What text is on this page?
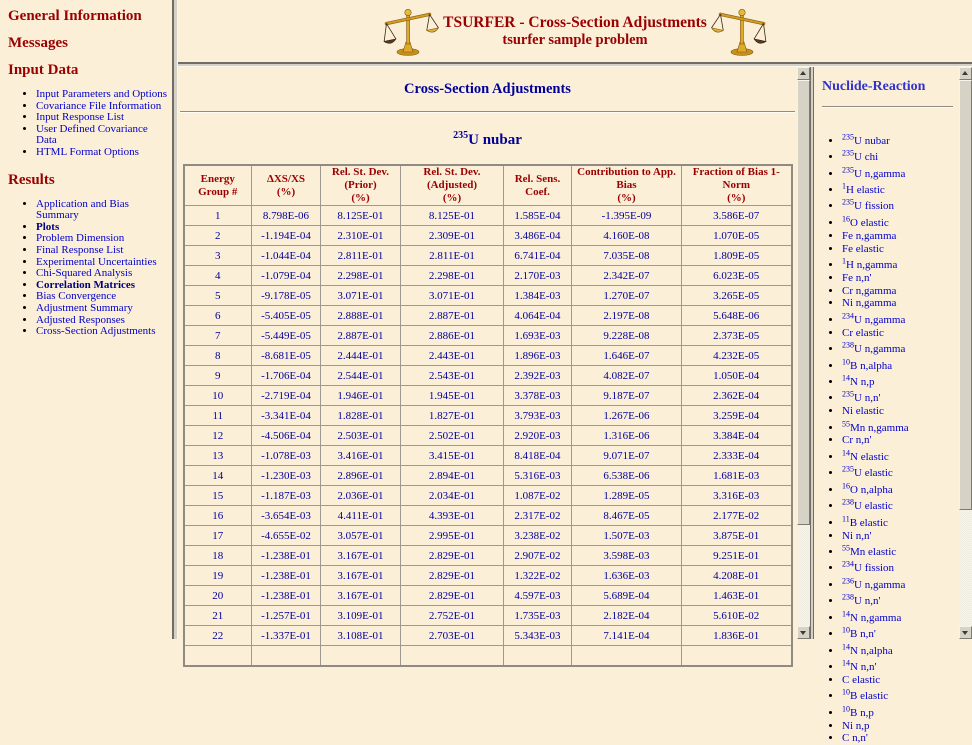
General Information
Messages
Input Data
• Input Parameters and Options
• Covariance File Information
• Input Response List
• User Defined Covariance Data
• HTML Format Options
Results
• Application and Bias Summary
• Plots
• Problem Dimension
• Final Response List
• Experimental Uncertainties
• Chi-Squared Analysis
• Correlation Matrices
• Bias Convergence
• Adjustment Summary
• Adjusted Responses
• Cross-Section Adjustments
TSURFER - Cross-Section Adjustments
tsurfer sample problem
Cross-Section Adjustments
$^{235}$U nubar
Energy
Group #

ΔXS/XS
(%)

Rel. St. Dev. (Prior)
(%)

Rel. St. Dev. (Adjusted)
(%)

Rel. Sens.
Coef.

Contribution to App. Bias
(%)

Fraction of Bias 1-Norm
(%)

1	8.798E-06	8.125E-01	8.125E-01	1.585E-04	-1.395E-09	3.586E-07
2	-1.194E-04	2.310E-01	2.309E-01	3.486E-04	4.160E-08	1.070E-05
3	-1.044E-04	2.811E-01	2.811E-01	6.741E-04	7.035E-08	1.809E-05
4	-1.079E-04	2.298E-01	2.298E-01	2.170E-03	2.342E-07	6.023E-05
5	-9.178E-05	3.071E-01	3.071E-01	1.384E-03	1.270E-07	3.265E-05
6	-5.405E-05	2.888E-01	2.887E-01	4.064E-04	2.197E-08	5.648E-06
7	-5.449E-05	2.887E-01	2.886E-01	1.693E-03	9.228E-08	2.373E-05
8	-8.681E-05	2.444E-01	2.443E-01	1.896E-03	1.646E-07	4.232E-05
9	-1.706E-04	2.544E-01	2.543E-01	2.392E-03	4.082E-07	1.050E-04
10	-2.719E-04	1.946E-01	1.945E-01	3.378E-03	9.187E-07	2.362E-04
11	-3.341E-04	1.828E-01	1.827E-01	3.793E-03	1.267E-06	3.259E-04
12	-4.506E-04	2.503E-01	2.502E-01	2.920E-03	1.316E-06	3.384E-04
13	-1.078E-03	3.416E-01	3.415E-01	8.418E-04	9.071E-07	2.333E-04
14	-1.230E-03	2.896E-01	2.894E-01	5.316E-03	6.538E-06	1.681E-03
15	-1.187E-03	2.036E-01	2.034E-01	1.087E-02	1.289E-05	3.316E-03
16	-3.654E-03	4.411E-01	4.393E-01	2.317E-02	8.467E-05	2.177E-02
17	-4.655E-02	3.057E-01	2.995E-01	3.238E-02	1.507E-03	3.875E-01
18	-1.238E-01	3.167E-01	2.829E-01	2.907E-02	3.598E-03	9.251E-01
19	-1.238E-01	3.167E-01	2.829E-01	1.322E-02	1.636E-03	4.208E-01
20	-1.238E-01	3.167E-01	2.829E-01	4.597E-03	5.689E-04	1.463E-01
21	-1.257E-01	3.109E-01	2.752E-01	1.735E-03	2.182E-04	5.610E-02
22	-1.337E-01	3.108E-01	2.703E-01	5.343E-03	7.141E-04	1.836E-01

Nuclide-Reaction
• $^{235}$U nubar
• $^{235}$U chi
• $^{235}$U n,gamma
• $^1$H elastic
• $^{235}$U fission
• $^{16}$O elastic
• Fe n,gamma
• Fe elastic
• $^1$H n,gamma
• Fe n,n'
• Cr n,gamma
• Ni n,gamma
• $^{234}$U n,gamma
• Cr elastic
• $^{238}$U n,gamma
• $^{10}$B n,alpha
• $^{14}$N n,p
• $^{235}$U n,n'
• Ni elastic
• $^{55}$Mn n,gamma
• Cr n,n'
• $^{14}$N elastic
• $^{235}$U elastic
• $^{16}$O n,alpha
• $^{238}$U elastic
• $^{11}$B elastic
• Ni n,n'
• $^{55}$Mn elastic
• $^{234}$U fission
• $^{236}$U n,gamma
• $^{238}$U n,n'
• $^{14}$N n,gamma
• $^{10}$B n,n'
• $^{14}$N n,alpha
• $^{14}$N n,n'
• C elastic
• $^{10}$B elastic
• $^{10}$B n,p
• Ni n,p
• C n,n'
